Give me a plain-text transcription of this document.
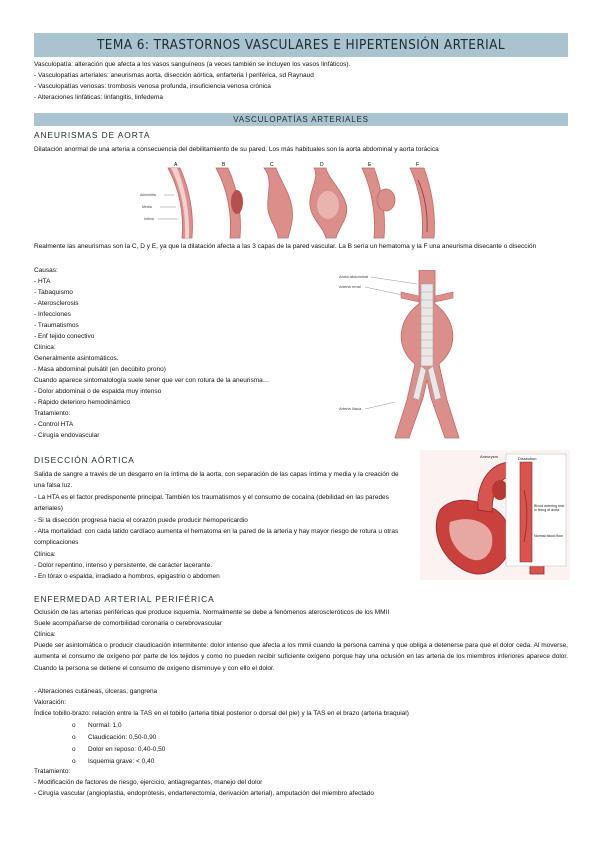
TEMA 6: TRASTORNOS VASCULARES E HIPERTENSIÓN ARTERIAL
Vasculopatía: alteración que afecta a los vasos sanguíneos (a veces también se incluyen los vasos linfáticos).
- Vasculopatías arteriales: aneurismas aorta, disección aórtica, enfarteria l periférica, sd Raynaud
- Vasculopatías venosas: trombosis venosa profunda, insuficiencia venosa crónica
- Alteraciones linfáticas: linfangitis, linfedema
VASCULOPATÍAS ARTERIALES
ANEURISMAS DE AORTA
Dilatación anormal de una arteria a consecuencia del debilitamiento de su pared. Los más habituales son la aorta abdominal y aorta torácica
A	B	C	D	E	F
Adventitia
Media
Intima
Realmente las aneurismas son la C, D y E, ya que la dilatación afecta a las 3 capas de la pared vascular. La B sería un hematoma y la F una aneurisma disecante o disección
Causas:
- HTA
- Tabaquismo
- Aterosclerosis
- Infecciones
- Traumatismos
- Enf tejido conectivo
Clínica:
Generalmente asintomáticos.
- Masa abdominal pulsátil (en decúbito prono)
Cuando aparece sintomatología suele tener que ver con rotura de la aneurisma…
- Dolor abdominal o de espalda muy intenso
- Rápido deterioro hemodinámico
Tratamiento:
- Control HTA
- Cirugía endovascular
Aorta abdominal
Arteria renal
Arteria ilíaca
DISECCIÓN AÓRTICA
Salida de sangre a través de un desgarro en la íntima de la aorta, con separación de las capas íntima y media y la creación de una falsa luz.
- La HTA es el factor predisponente principal. También los traumatismos y el consumo de cocaína (debilidad en las paredes arteriales)
- Si la disección progresa hacia el corazón puede producir hemopericardio
- Alta mortalidad: con cada latido cardíaco aumenta el hematoma en la pared de la arteria y hay mayor riesgo de rotura u otras complicaciones
Clínica:
- Dolor repentino, intenso y persistente, de carácter lacerante.
- En tórax o espalda, irradiado a hombros, epigastrio o abdomen
Aneurysm	Dissection
Blood entering tear in lining of aorta
Normal blood flow
ENFERMEDAD ARTERIAL PERIFÉRICA
Oclusión de las arterias periféricas que produce isquemia. Normalmente se debe a fenómenos ateroscleróticos de los MMII
Suele acompañarse de comorbilidad coronaria o cerebrovascular
Clínica:
Puede ser asintomática o producir claudicación intermitente: dolor intenso que afecta a los mmii cuando la persona camina y que obliga a detenerse para que el dolor ceda. Al moverse, aumenta el consumo de oxígeno por parte de los tejidos y como no pueden recibir suficiente oxígeno porque hay una oclusión en las arteria de los miembros inferiores aparece dolor. Cuando la persona se detiene el consumo de oxígeno disminuye y con ello el dolor.
- Alteraciones cutáneas, úlceras, gangrena
Valoración:
Índice tobillo-brazo: relación entre la TAS en el tobillo (arteria tibial posterior o dorsal del pie) y la TAS en el brazo (arteria braquial)
o Normal: 1,0
o Claudicación: 0,50-0,90
o Dolor en reposo: 0,40-0,50
o Isquemia grave: < 0,40
Tratamiento:
- Modificación de factores de riesgo, ejercicio, antiagregantes, manejo del dolor
- Cirugía vascular (angioplastia, endoprótesis, endarterectomía, derivación arterial), amputación del miembro afectado
